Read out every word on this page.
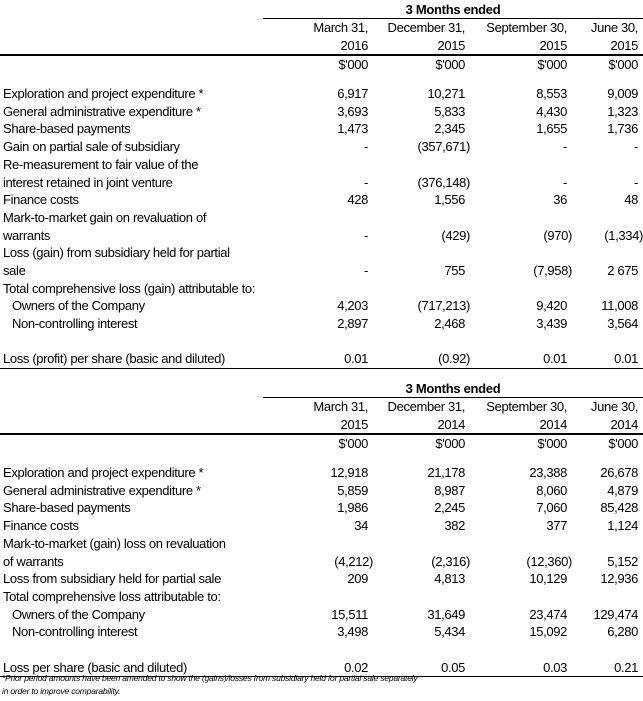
3 Months ended
March 31,	December 31,	September 30,	June 30,
2016	2015	2015	2015
$'000	$'000	$'000	$'000
Exploration and project expenditure *	6,917	10,271	8,553	9,009
General administrative expenditure *	3,693	5,833	4,430	1,323
Share-based payments	1,473	2,345	1,655	1,736
Gain on partial sale of subsidiary	-	(357,671)	-	-
Re-measurement to fair value of the
interest retained in joint venture	-	(376,148)	-	-
Finance costs	428	1,556	36	48
Mark-to-market gain on revaluation of
warrants	-	(429)	(970)	(1,334)
Loss (gain) from subsidiary held for partial
sale	-	755	(7,958)	2 675
Total comprehensive loss (gain) attributable to:
Owners of the Company	4,203	(717,213)	9,420	11,008
Non-controlling interest	2,897	2,468	3,439	3,564
Loss (profit) per share (basic and diluted)	0.01	(0.92)	0.01	0.01
3 Months ended
March 31,	December 31,	September 30,	June 30,
2015	2014	2014	2014
$'000	$'000	$'000	$'000
Exploration and project expenditure *	12,918	21,178	23,388	26,678
General administrative expenditure *	5,859	8,987	8,060	4,879
Share-based payments	1,986	2,245	7,060	85,428
Finance costs	34	382	377	1,124
Mark-to-market (gain) loss on revaluation
of warrants	(4,212)	(2,316)	(12,360)	5,152
Loss from subsidiary held for partial sale	209	4,813	10,129	12,936
Total comprehensive loss attributable to:
Owners of the Company	15,511	31,649	23,474	129,474
Non-controlling interest	3,498	5,434	15,092	6,280
Loss per share (basic and diluted)	0.02	0.05	0.03	0.21
*Prior period amounts have been amended to show the (gains)/losses from subsidiary held for partial sale separately
in order to improve comparability.
